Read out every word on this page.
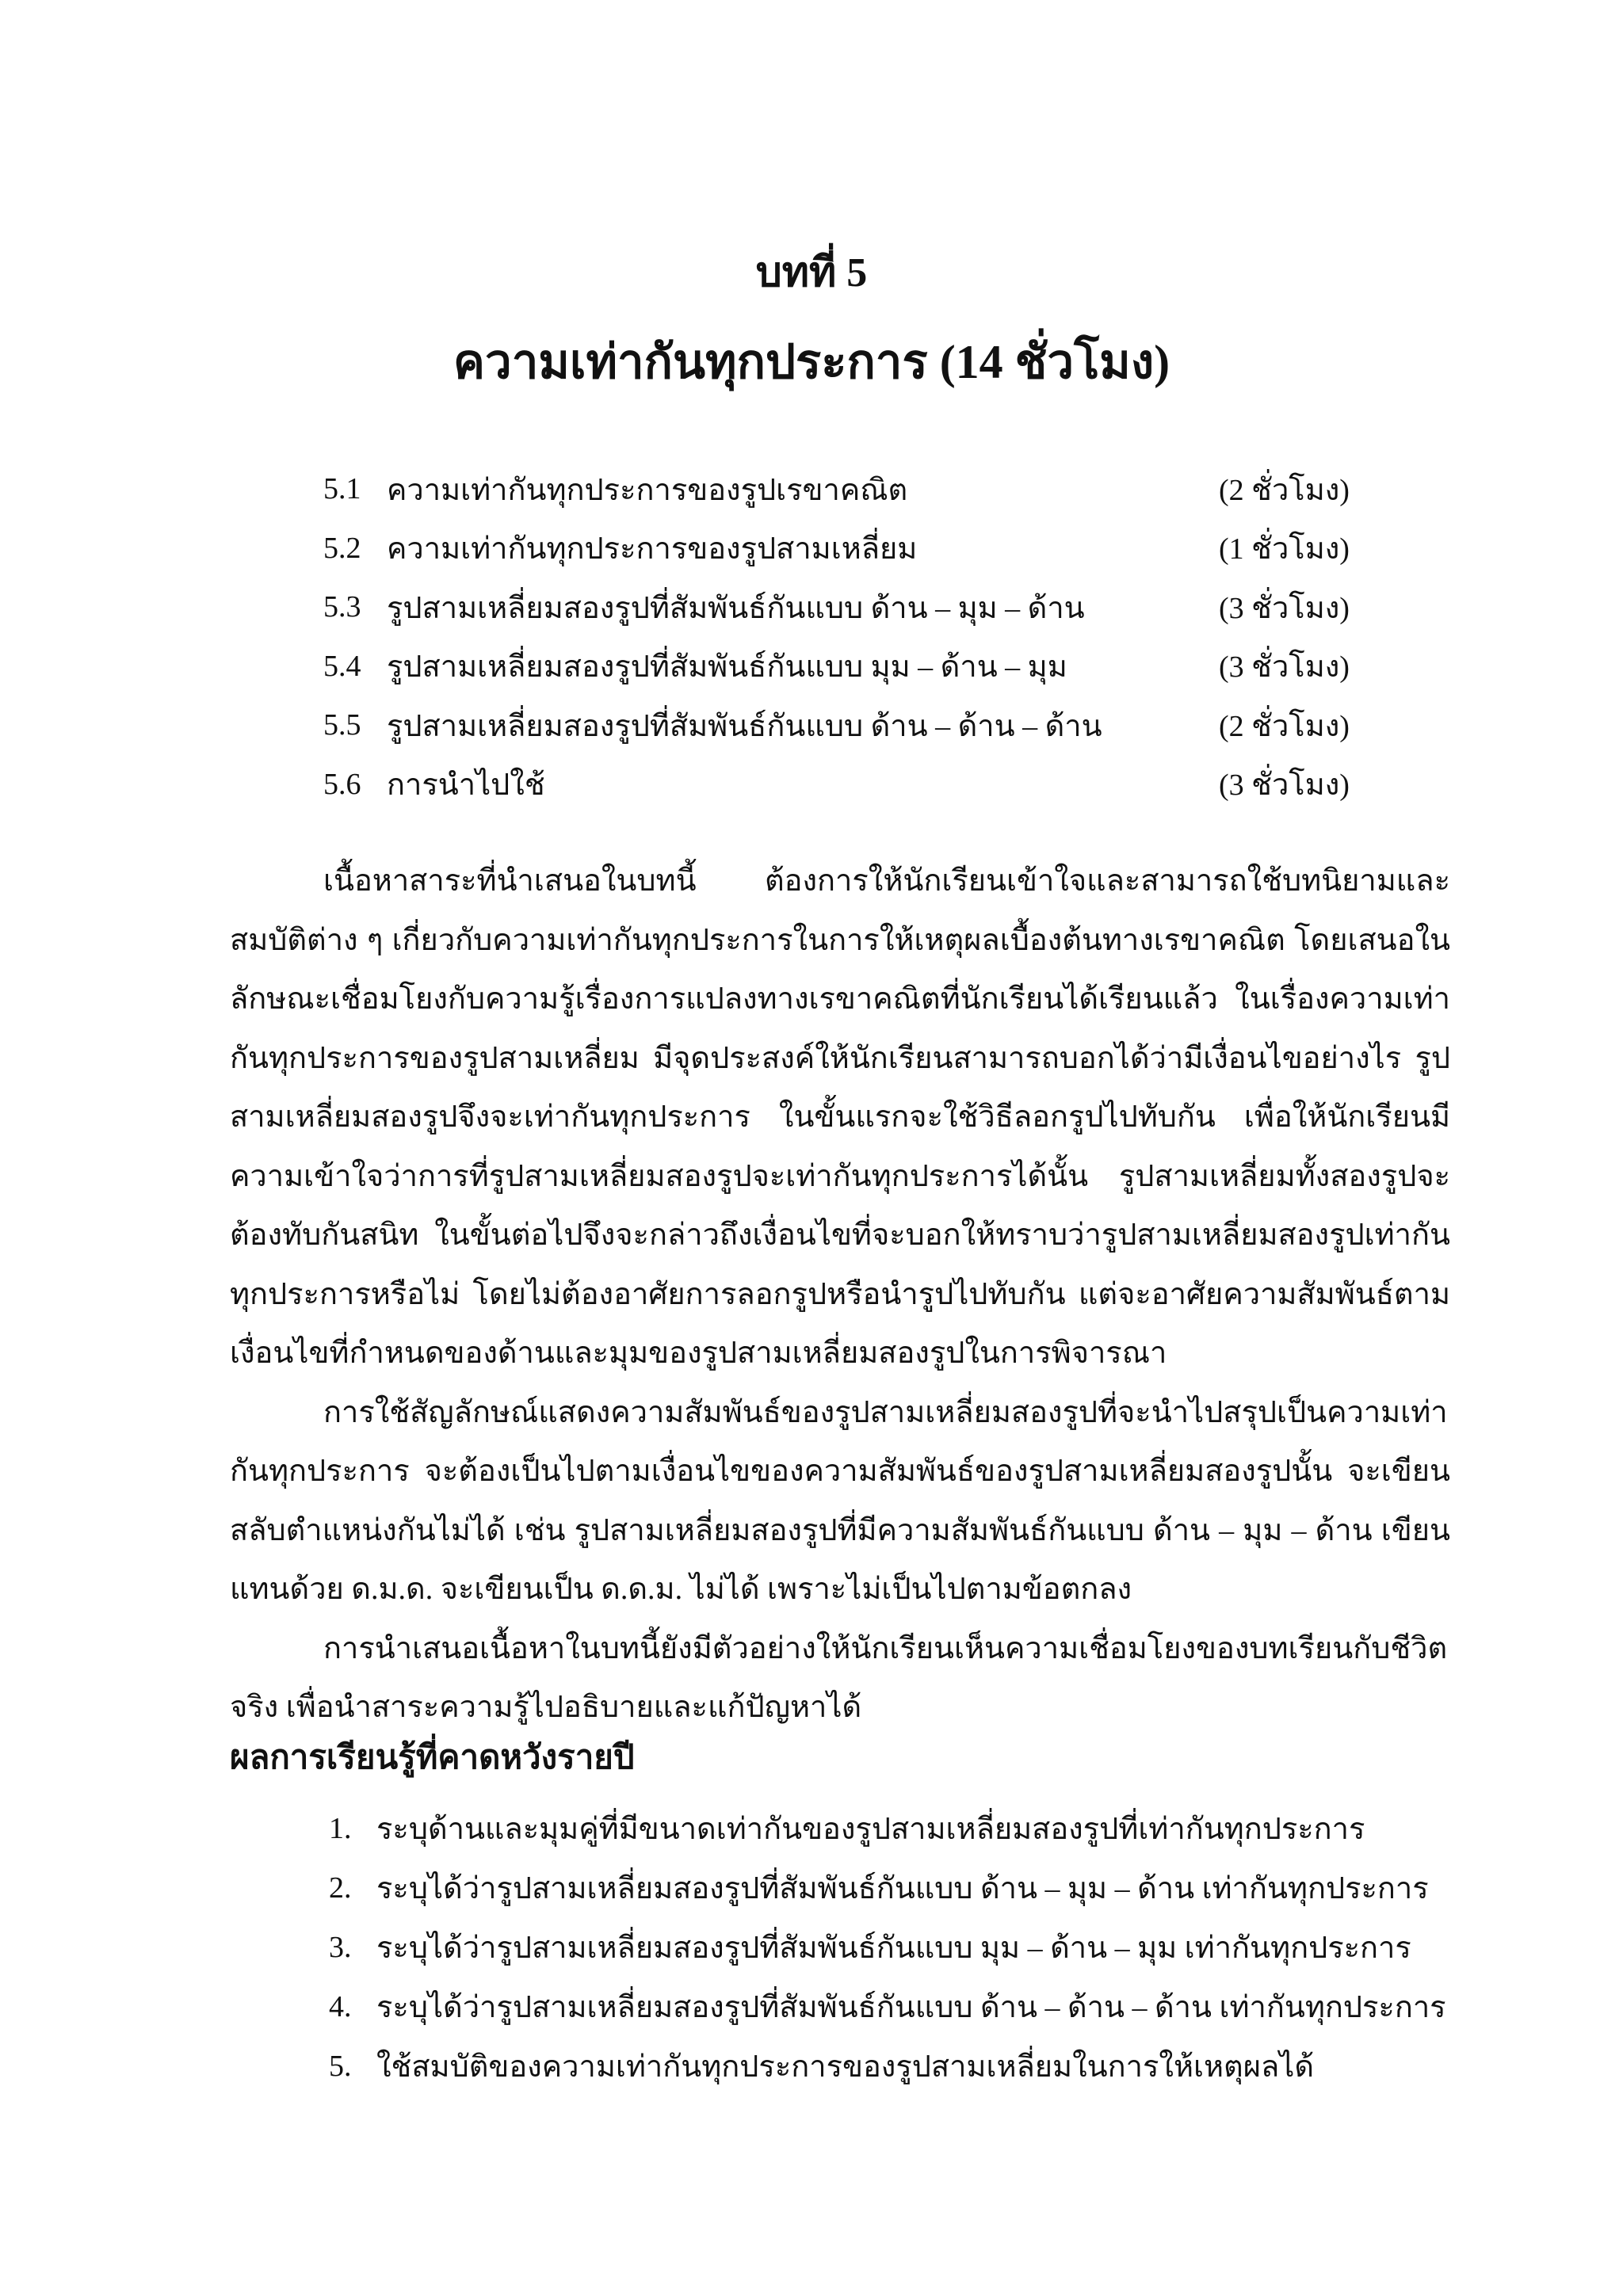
บทที่ 5
ความเท่ากันทุกประการ (14 ชั่วโมง)
5.1 ความเท่ากันทุกประการของรูปเรขาคณิต	(2 ชั่วโมง)
5.2 ความเท่ากันทุกประการของรูปสามเหลี่ยม	(1 ชั่วโมง)
5.3 รูปสามเหลี่ยมสองรูปที่สัมพันธ์กันแบบ ด้าน – มุม – ด้าน	(3 ชั่วโมง)
5.4 รูปสามเหลี่ยมสองรูปที่สัมพันธ์กันแบบ มุม – ด้าน – มุม	(3 ชั่วโมง)
5.5 รูปสามเหลี่ยมสองรูปที่สัมพันธ์กันแบบ ด้าน – ด้าน – ด้าน	(2 ชั่วโมง)
5.6 การนำไปใช้	(3 ชั่วโมง)

เนื้อหาสาระที่นำเสนอในบทนี้ ต้องการให้นักเรียนเข้าใจและสามารถใช้บทนิยามและสมบัติต่าง ๆ เกี่ยวกับความเท่ากันทุกประการในการให้เหตุผลเบื้องต้นทางเรขาคณิต โดยเสนอในลักษณะเชื่อมโยงกับความรู้เรื่องการแปลงทางเรขาคณิตที่นักเรียนได้เรียนแล้ว ในเรื่องความเท่ากันทุกประการของรูปสามเหลี่ยม มีจุดประสงค์ให้นักเรียนสามารถบอกได้ว่ามีเงื่อนไขอย่างไร รูปสามเหลี่ยมสองรูปจึงจะเท่ากันทุกประการ ในขั้นแรกจะใช้วิธีลอกรูปไปทับกัน เพื่อให้นักเรียนมีความเข้าใจว่าการที่รูปสามเหลี่ยมสองรูปจะเท่ากันทุกประการได้นั้น รูปสามเหลี่ยมทั้งสองรูปจะต้องทับกันสนิท ในขั้นต่อไปจึงจะกล่าวถึงเงื่อนไขที่จะบอกให้ทราบว่ารูปสามเหลี่ยมสองรูปเท่ากันทุกประการหรือไม่ โดยไม่ต้องอาศัยการลอกรูปหรือนำรูปไปทับกัน แต่จะอาศัยความสัมพันธ์ตามเงื่อนไขที่กำหนดของด้านและมุมของรูปสามเหลี่ยมสองรูปในการพิจารณา

การใช้สัญลักษณ์แสดงความสัมพันธ์ของรูปสามเหลี่ยมสองรูปที่จะนำไปสรุปเป็นความเท่ากันทุกประการ จะต้องเป็นไปตามเงื่อนไขของความสัมพันธ์ของรูปสามเหลี่ยมสองรูปนั้น จะเขียนสลับตำแหน่งกันไม่ได้ เช่น รูปสามเหลี่ยมสองรูปที่มีความสัมพันธ์กันแบบ ด้าน – มุม – ด้าน เขียนแทนด้วย ด.ม.ด. จะเขียนเป็น ด.ด.ม. ไม่ได้ เพราะไม่เป็นไปตามข้อตกลง

การนำเสนอเนื้อหาในบทนี้ยังมีตัวอย่างให้นักเรียนเห็นความเชื่อมโยงของบทเรียนกับชีวิตจริง เพื่อนำสาระความรู้ไปอธิบายและแก้ปัญหาได้

ผลการเรียนรู้ที่คาดหวังรายปี
1. ระบุด้านและมุมคู่ที่มีขนาดเท่ากันของรูปสามเหลี่ยมสองรูปที่เท่ากันทุกประการ
2. ระบุได้ว่ารูปสามเหลี่ยมสองรูปที่สัมพันธ์กันแบบ ด้าน – มุม – ด้าน เท่ากันทุกประการ
3. ระบุได้ว่ารูปสามเหลี่ยมสองรูปที่สัมพันธ์กันแบบ มุม – ด้าน – มุม เท่ากันทุกประการ
4. ระบุได้ว่ารูปสามเหลี่ยมสองรูปที่สัมพันธ์กันแบบ ด้าน – ด้าน – ด้าน เท่ากันทุกประการ
5. ใช้สมบัติของความเท่ากันทุกประการของรูปสามเหลี่ยมในการให้เหตุผลได้
